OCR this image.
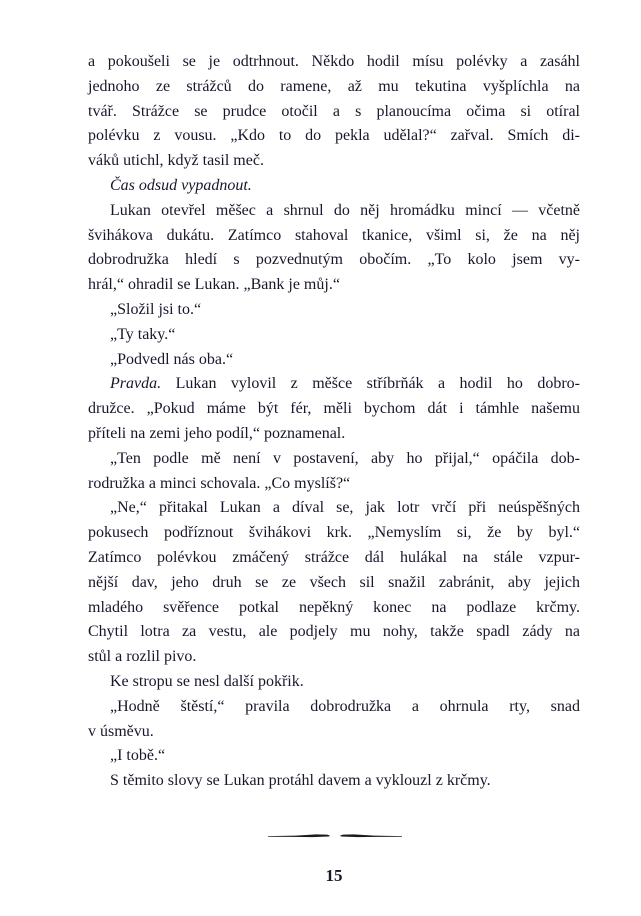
a pokoušeli se je odtrhnout. Někdo hodil mísu polévky a zasáhl
jednoho ze strážců do ramene, až mu tekutina vyšplíchla na
tvář. Strážce se prudce otočil a s planoucíma očima si otíral
polévku z vousu. „Kdo to do pekla udělal?“ zařval. Smích di-
váků utichl, když tasil meč.
Čas odsud vypadnout.
Lukan otevřel měšec a shrnul do něj hromádku mincí — včetně
švihákova dukátu. Zatímco stahoval tkanice, všiml si, že na něj
dobrodružka hledí s pozvednutým obočím. „To kolo jsem vy-
hrál,“ ohradil se Lukan. „Bank je můj.“
„Složil jsi to.“
„Ty taky.“
„Podvedl nás oba.“
Pravda. Lukan vylovil z měšce stříbrňák a hodil ho dobro-
družce. „Pokud máme být fér, měli bychom dát i támhle našemu
příteli na zemi jeho podíl,“ poznamenal.
„Ten podle mě není v postavení, aby ho přijal,“ opáčila dob-
rodružka a minci schovala. „Co myslíš?“
„Ne,“ přitakal Lukan a díval se, jak lotr vrčí při neúspěšných
pokusech podříznout švihákovi krk. „Nemyslím si, že by byl.“
Zatímco polévkou zmáčený strážce dál hulákal na stále vzpur-
nější dav, jeho druh se ze všech sil snažil zabránit, aby jejich
mladého svěřence potkal nepěkný konec na podlaze krčmy.
Chytil lotra za vestu, ale podjely mu nohy, takže spadl zády na
stůl a rozlil pivo.
Ke stropu se nesl další pokřik.
„Hodně štěstí,“ pravila dobrodružka a ohrnula rty, snad
v úsměvu.
„I tobě.“
S těmito slovy se Lukan protáhl davem a vyklouzl z krčmy.
15
